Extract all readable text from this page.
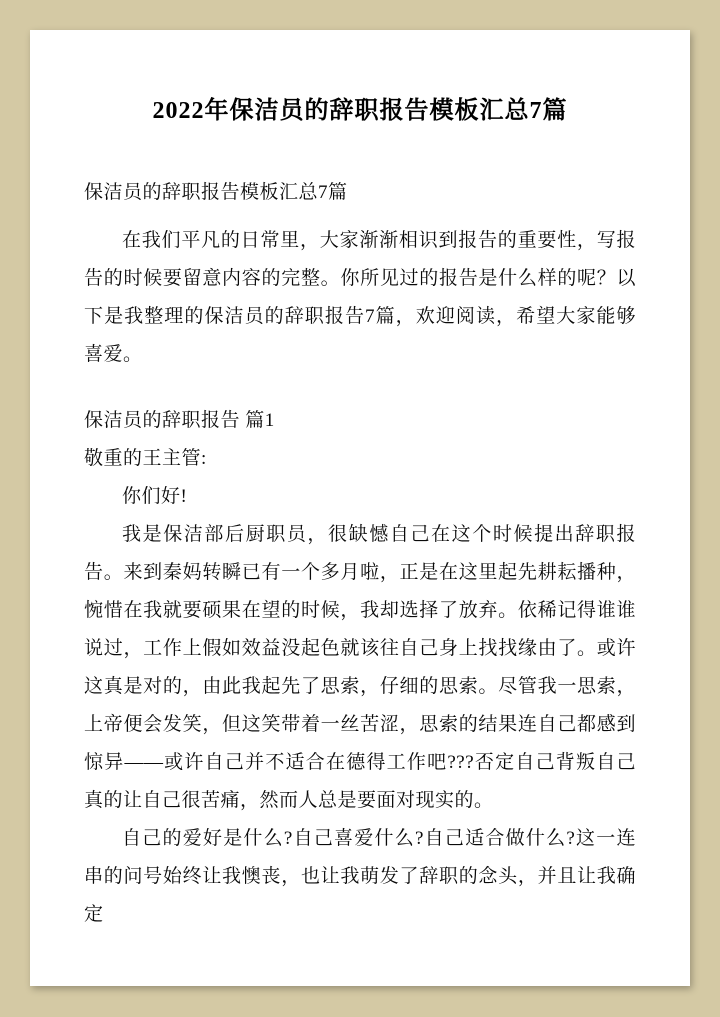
2022年保洁员的辞职报告模板汇总7篇

保洁员的辞职报告模板汇总7篇

在我们平凡的日常里，大家渐渐相识到报告的重要性，写报告的时候要留意内容的完整。你所见过的报告是什么样的呢？以下是我整理的保洁员的辞职报告7篇，欢迎阅读，希望大家能够喜爱。

保洁员的辞职报告 篇1

敬重的王主管:

你们好!

我是保洁部后厨职员，很缺憾自己在这个时候提出辞职报告。来到秦妈转瞬已有一个多月啦，正是在这里起先耕耘播种，惋惜在我就要硕果在望的时候，我却选择了放弃。依稀记得谁谁说过，工作上假如效益没起色就该往自己身上找找缘由了。或许这真是对的，由此我起先了思索，仔细的思索。尽管我一思索，上帝便会发笑，但这笑带着一丝苦涩，思索的结果连自己都感到惊异——或许自己并不适合在德得工作吧???否定自己背叛自己真的让自己很苦痛，然而人总是要面对现实的。

自己的爱好是什么?自己喜爱什么?自己适合做什么?这一连串的问号始终让我懊丧，也让我萌发了辞职的念头，并且让我确定
